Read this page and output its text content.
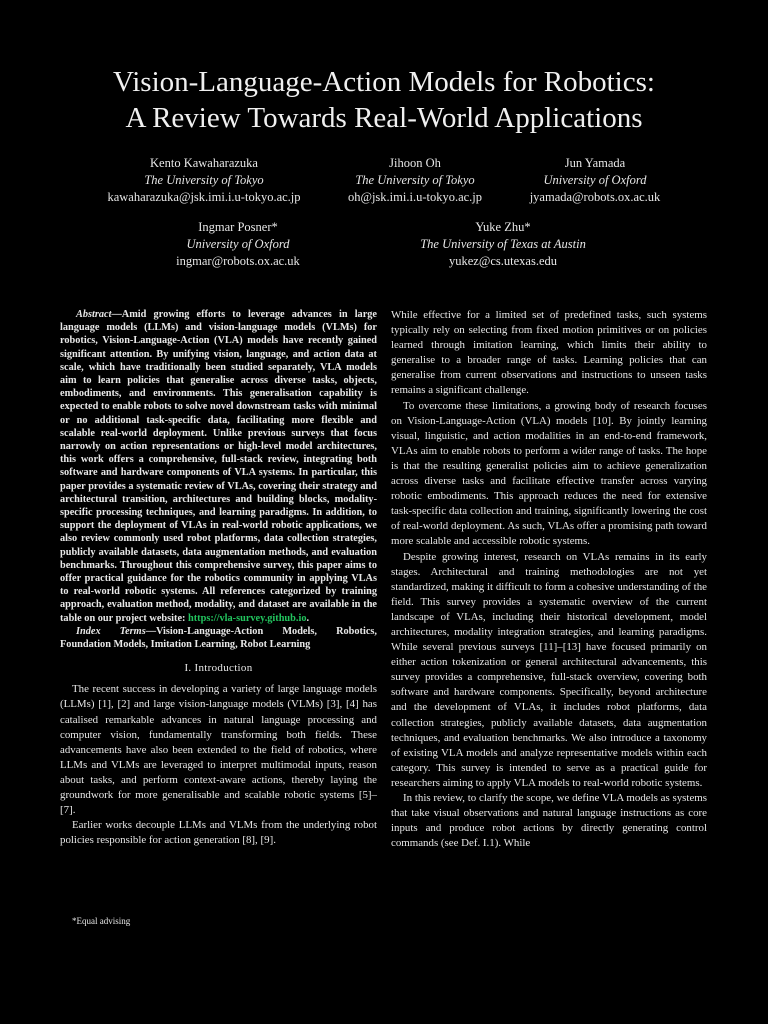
Vision-Language-Action Models for Robotics:
A Review Towards Real-World Applications
Kento Kawaharazuka
The University of Tokyo
kawaharazuka@jsk.imi.i.u-tokyo.ac.jp
Jihoon Oh
The University of Tokyo
oh@jsk.imi.i.u-tokyo.ac.jp
Jun Yamada
University of Oxford
jyamada@robots.ox.ac.uk
Ingmar Posner*
University of Oxford
ingmar@robots.ox.ac.uk
Yuke Zhu*
The University of Texas at Austin
yukez@cs.utexas.edu

Abstract—Amid growing efforts to leverage advances in large language models (LLMs) and vision-language models (VLMs) for robotics, Vision-Language-Action (VLA) models have recently gained significant attention. By unifying vision, language, and action data at scale, which have traditionally been studied separately, VLA models aim to learn policies that generalise across diverse tasks, objects, embodiments, and environments. This generalisation capability is expected to enable robots to solve novel downstream tasks with minimal or no additional task-specific data, facilitating more flexible and scalable real-world deployment. Unlike previous surveys that focus narrowly on action representations or high-level model architectures, this work offers a comprehensive, full-stack review, integrating both software and hardware components of VLA systems. In particular, this paper provides a systematic review of VLAs, covering their strategy and architectural transition, architectures and building blocks, modality-specific processing techniques, and learning paradigms. In addition, to support the deployment of VLAs in real-world robotic applications, we also review commonly used robot platforms, data collection strategies, publicly available datasets, data augmentation methods, and evaluation benchmarks. Throughout this comprehensive survey, this paper aims to offer practical guidance for the robotics community in applying VLAs to real-world robotic systems. All references categorized by training approach, evaluation method, modality, and dataset are available in the table on our project website: https://vla-survey.github.io.

Index Terms—Vision-Language-Action Models, Robotics, Foundation Models, Imitation Learning, Robot Learning

I. Introduction

The recent success in developing a variety of large language models (LLMs) [1], [2] and large vision-language models (VLMs) [3], [4] has catalised remarkable advances in natural language processing and computer vision, fundamentally transforming both fields. These advancements have also been extended to the field of robotics, where LLMs and VLMs are leveraged to interpret multimodal inputs, reason about tasks, and perform context-aware actions, thereby laying the groundwork for more generalisable and scalable robotic systems [5]–[7].

Earlier works decouple LLMs and VLMs from the underlying robot policies responsible for action generation [8], [9].

*Equal advising

While effective for a limited set of predefined tasks, such systems typically rely on selecting from fixed motion primitives or on policies learned through imitation learning, which limits their ability to generalise to a broader range of tasks. Learning policies that can generalise from current observations and instructions to unseen tasks remains a significant challenge.

To overcome these limitations, a growing body of research focuses on Vision-Language-Action (VLA) models [10]. By jointly learning visual, linguistic, and action modalities in an end-to-end framework, VLAs aim to enable robots to perform a wider range of tasks. The hope is that the resulting generalist policies aim to achieve generalization across diverse tasks and facilitate effective transfer across varying robotic embodiments. This approach reduces the need for extensive task-specific data collection and training, significantly lowering the cost of real-world deployment. As such, VLAs offer a promising path toward more scalable and accessible robotic systems.

Despite growing interest, research on VLAs remains in its early stages. Architectural and training methodologies are not yet standardized, making it difficult to form a cohesive understanding of the field. This survey provides a systematic overview of the current landscape of VLAs, including their historical development, model architectures, modality integration strategies, and learning paradigms. While several previous surveys [11]–[13] have focused primarily on either action tokenization or general architectural advancements, this survey provides a comprehensive, full-stack overview, covering both software and hardware components. Specifically, beyond architecture and the development of VLAs, it includes robot platforms, data collection strategies, publicly available datasets, data augmentation techniques, and evaluation benchmarks. We also introduce a taxonomy of existing VLA models and analyze representative models within each category. This survey is intended to serve as a practical guide for researchers aiming to apply VLA models to real-world robotic systems.

In this review, to clarify the scope, we define VLA models as systems that take visual observations and natural language instructions as core inputs and produce robot actions by directly generating control commands (see Def. I.1). While
